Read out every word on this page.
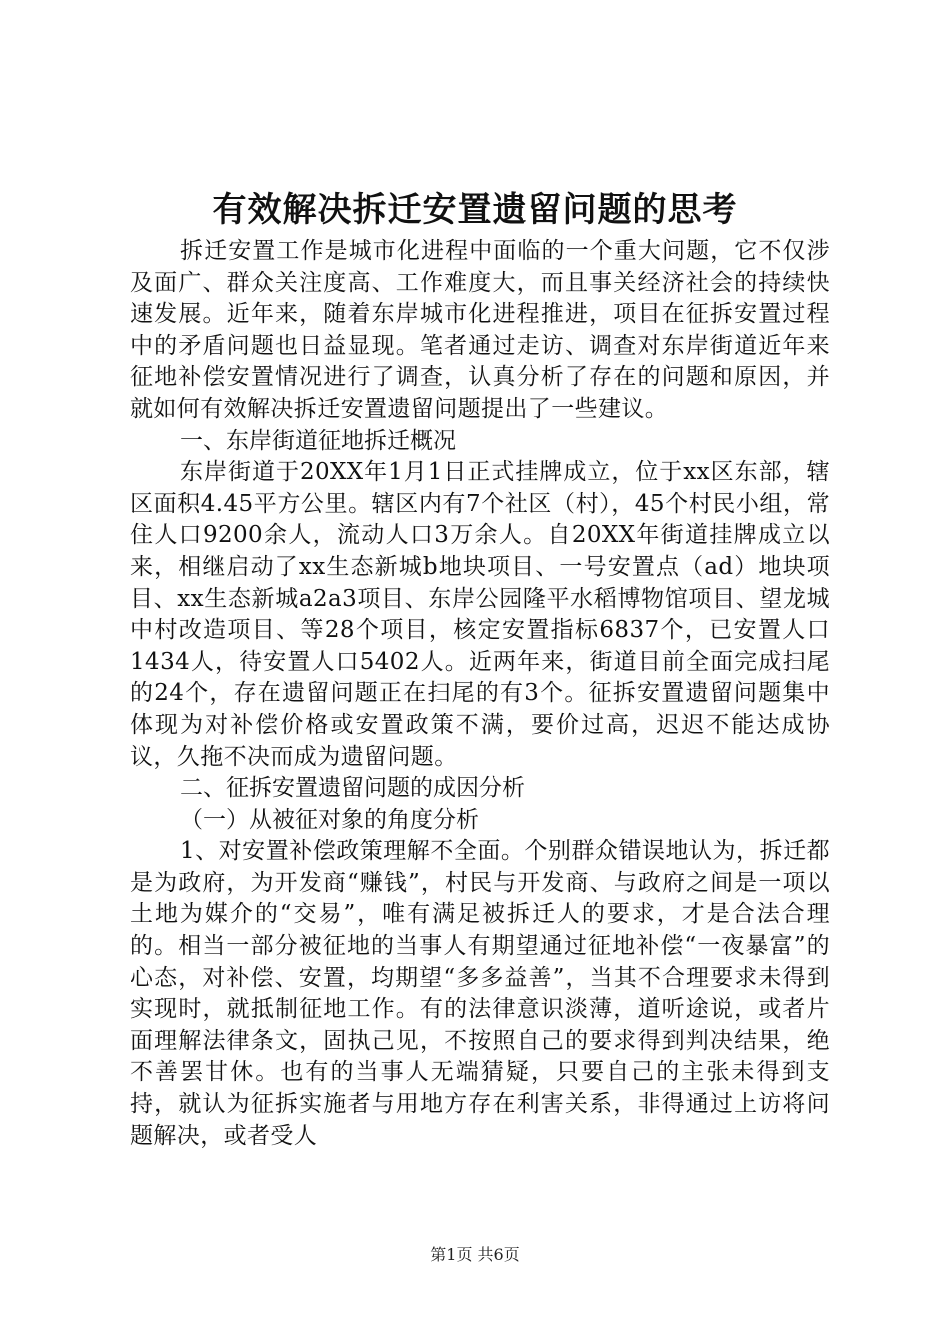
有效解决拆迁安置遗留问题的思考

拆迁安置工作是城市化进程中面临的一个重大问题，它不仅涉及面广、群众关注度高、工作难度大，而且事关经济社会的持续快速发展。近年来，随着东岸城市化进程推进，项目在征拆安置过程中的矛盾问题也日益显现。笔者通过走访、调查对东岸街道近年来征地补偿安置情况进行了调查，认真分析了存在的问题和原因，并就如何有效解决拆迁安置遗留问题提出了一些建议。

一、东岸街道征地拆迁概况

东岸街道于20XX年1月1日正式挂牌成立，位于xx区东部，辖区面积4.45平方公里。辖区内有7个社区（村），45个村民小组，常住人口9200余人，流动人口3万余人。自20XX年街道挂牌成立以来，相继启动了xx生态新城b地块项目、一号安置点（ad）地块项目、xx生态新城a2a3项目、东岸公园隆平水稻博物馆项目、望龙城中村改造项目、等28个项目，核定安置指标6837个，已安置人口1434人，待安置人口5402人。近两年来，街道目前全面完成扫尾的24个，存在遗留问题正在扫尾的有3个。征拆安置遗留问题集中体现为对补偿价格或安置政策不满，要价过高，迟迟不能达成协议，久拖不决而成为遗留问题。

二、征拆安置遗留问题的成因分析

（一）从被征对象的角度分析

1、对安置补偿政策理解不全面。个别群众错误地认为，拆迁都是为政府，为开发商“赚钱”，村民与开发商、与政府之间是一项以土地为媒介的“交易”，唯有满足被拆迁人的要求，才是合法合理的。相当一部分被征地的当事人有期望通过征地补偿“一夜暴富”的心态，对补偿、安置，均期望“多多益善”，当其不合理要求未得到实现时，就抵制征地工作。有的法律意识淡薄，道听途说，或者片面理解法律条文，固执己见，不按照自己的要求得到判决结果，绝不善罢甘休。也有的当事人无端猜疑，只要自己的主张未得到支持，就认为征拆实施者与用地方存在利害关系，非得通过上访将问题解决，或者受人

第1页 共6页
